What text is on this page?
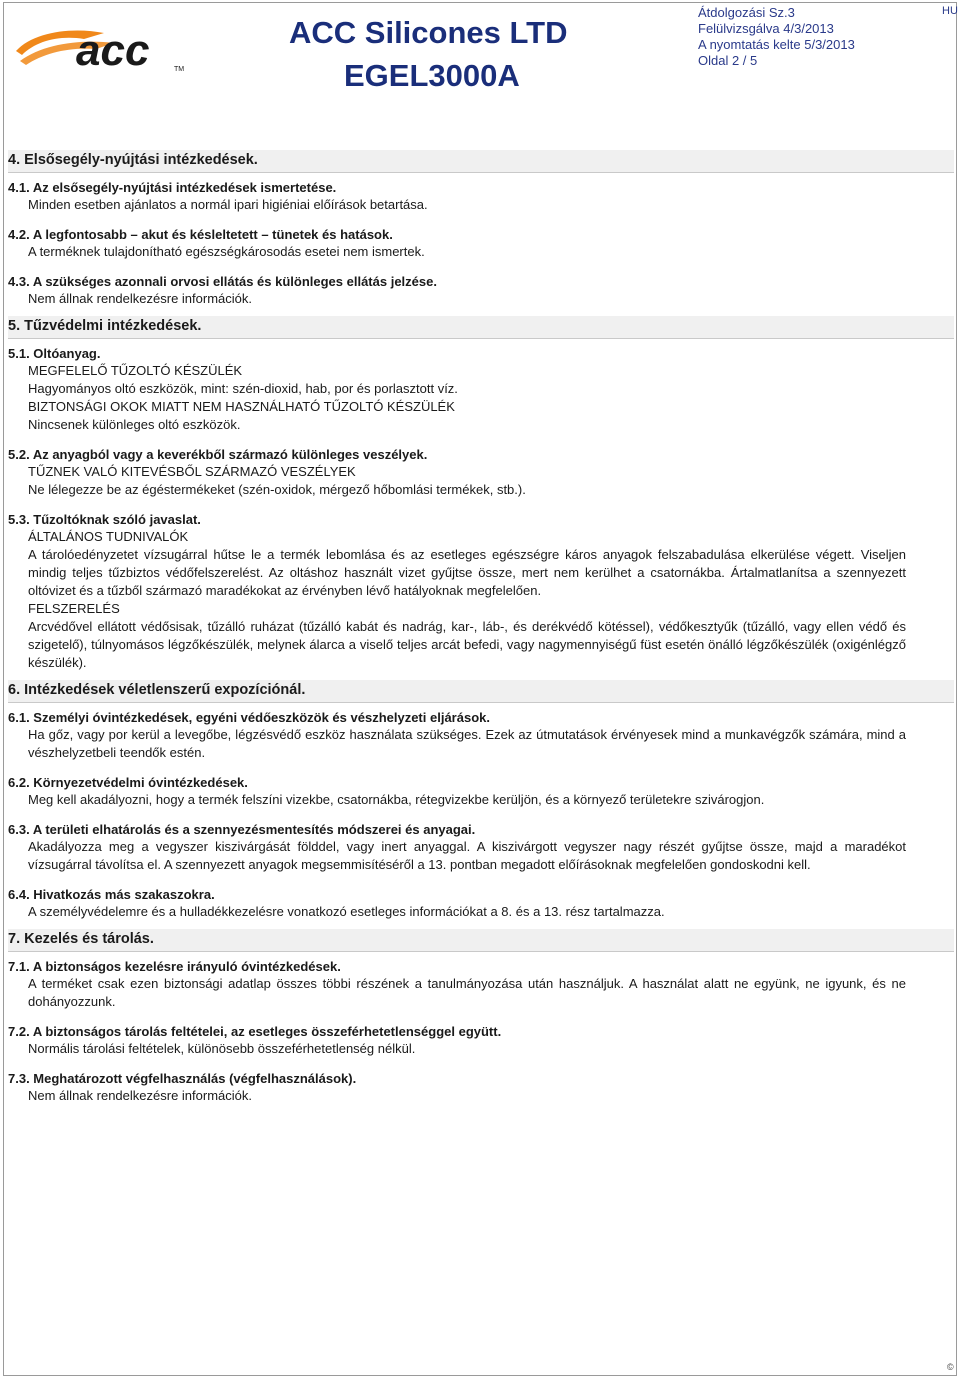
acc	TM
ACC Silicones LTD
EGEL3000A
Átdolgozási Sz.3
Felülvizsgálva 4/3/2013
A nyomtatás kelte 5/3/2013
Oldal 2 / 5
HU
4. Elsősegély-nyújtási intézkedések.
4.1. Az elsősegély-nyújtási intézkedések ismertetése.
Minden esetben ajánlatos a normál ipari higiéniai előírások betartása.
4.2. A legfontosabb – akut és késleltetett – tünetek és hatások.
A terméknek tulajdonítható egészségkárosodás esetei nem ismertek.
4.3. A szükséges azonnali orvosi ellátás és különleges ellátás jelzése.
Nem állnak rendelkezésre információk.
5. Tűzvédelmi intézkedések.
5.1. Oltóanyag.
MEGFELELŐ TŰZOLTÓ KÉSZÜLÉK
Hagyományos oltó eszközök, mint: szén-dioxid, hab, por és porlasztott víz.
BIZTONSÁGI OKOK MIATT NEM HASZNÁLHATÓ TŰZOLTÓ KÉSZÜLÉK
Nincsenek különleges oltó eszközök.
5.2. Az anyagból vagy a keverékből származó különleges veszélyek.
TŰZNEK VALÓ KITEVÉSBŐL SZÁRMAZÓ VESZÉLYEK
Ne lélegezze be az égéstermékeket (szén-oxidok, mérgező hőbomlási termékek, stb.).
5.3. Tűzoltóknak szóló javaslat.
ÁLTALÁNOS TUDNIVALÓK
A tárolóedényzetet vízsugárral hűtse le a termék lebomlása és az esetleges egészségre káros anyagok felszabadulása elkerülése végett. Viseljen mindig teljes tűzbiztos védőfelszerelést. Az oltáshoz használt vizet gyűjtse össze, mert nem kerülhet a csatornákba. Ártalmatlanítsa a szennyezett oltóvizet és a tűzből származó maradékokat az érvényben lévő hatályoknak megfelelően.
FELSZERELÉS
Arcvédővel ellátott védősisak, tűzálló ruházat (tűzálló kabát és nadrág, kar-, láb-, és derékvédő kötéssel), védőkesztyűk (tűzálló, vagy ellen védő és szigetelő), túlnyomásos légzőkészülék, melynek álarca a viselő teljes arcát befedi, vagy nagymennyiségű füst esetén önálló légzőkészülék (oxigénlégző készülék).
6. Intézkedések véletlenszerű expozíciónál.
6.1. Személyi óvintézkedések, egyéni védőeszközök és vészhelyzeti eljárások.
Ha gőz, vagy por kerül a levegőbe, légzésvédő eszköz használata szükséges. Ezek az útmutatások érvényesek mind a munkavégzők számára, mind a vészhelyzetbeli teendők estén.
6.2. Környezetvédelmi óvintézkedések.
Meg kell akadályozni, hogy a termék felszíni vizekbe, csatornákba, rétegvizekbe kerüljön, és a környező területekre szivárogjon.
6.3. A területi elhatárolás és a szennyezésmentesítés módszerei és anyagai.
Akadályozza meg a vegyszer kiszivárgását földdel, vagy inert anyaggal. A kiszivárgott vegyszer nagy részét gyűjtse össze, majd a maradékot vízsugárral távolítsa el. A szennyezett anyagok megsemmisítéséről a 13. pontban megadott előírásoknak megfelelően gondoskodni kell.
6.4. Hivatkozás más szakaszokra.
A személyvédelemre és a hulladékkezelésre vonatkozó esetleges információkat a 8. és a 13. rész tartalmazza.
7. Kezelés és tárolás.
7.1. A biztonságos kezelésre irányuló óvintézkedések.
A terméket csak ezen biztonsági adatlap összes többi részének a tanulmányozása után használjuk. A használat alatt ne együnk, ne igyunk, és ne dohányozzunk.
7.2. A biztonságos tárolás feltételei, az esetleges összeférhetetlenséggel együtt.
Normális tárolási feltételek, különösebb összeférhetetlenség nélkül.
7.3. Meghatározott végfelhasználás (végfelhasználások).
Nem állnak rendelkezésre információk.
©
